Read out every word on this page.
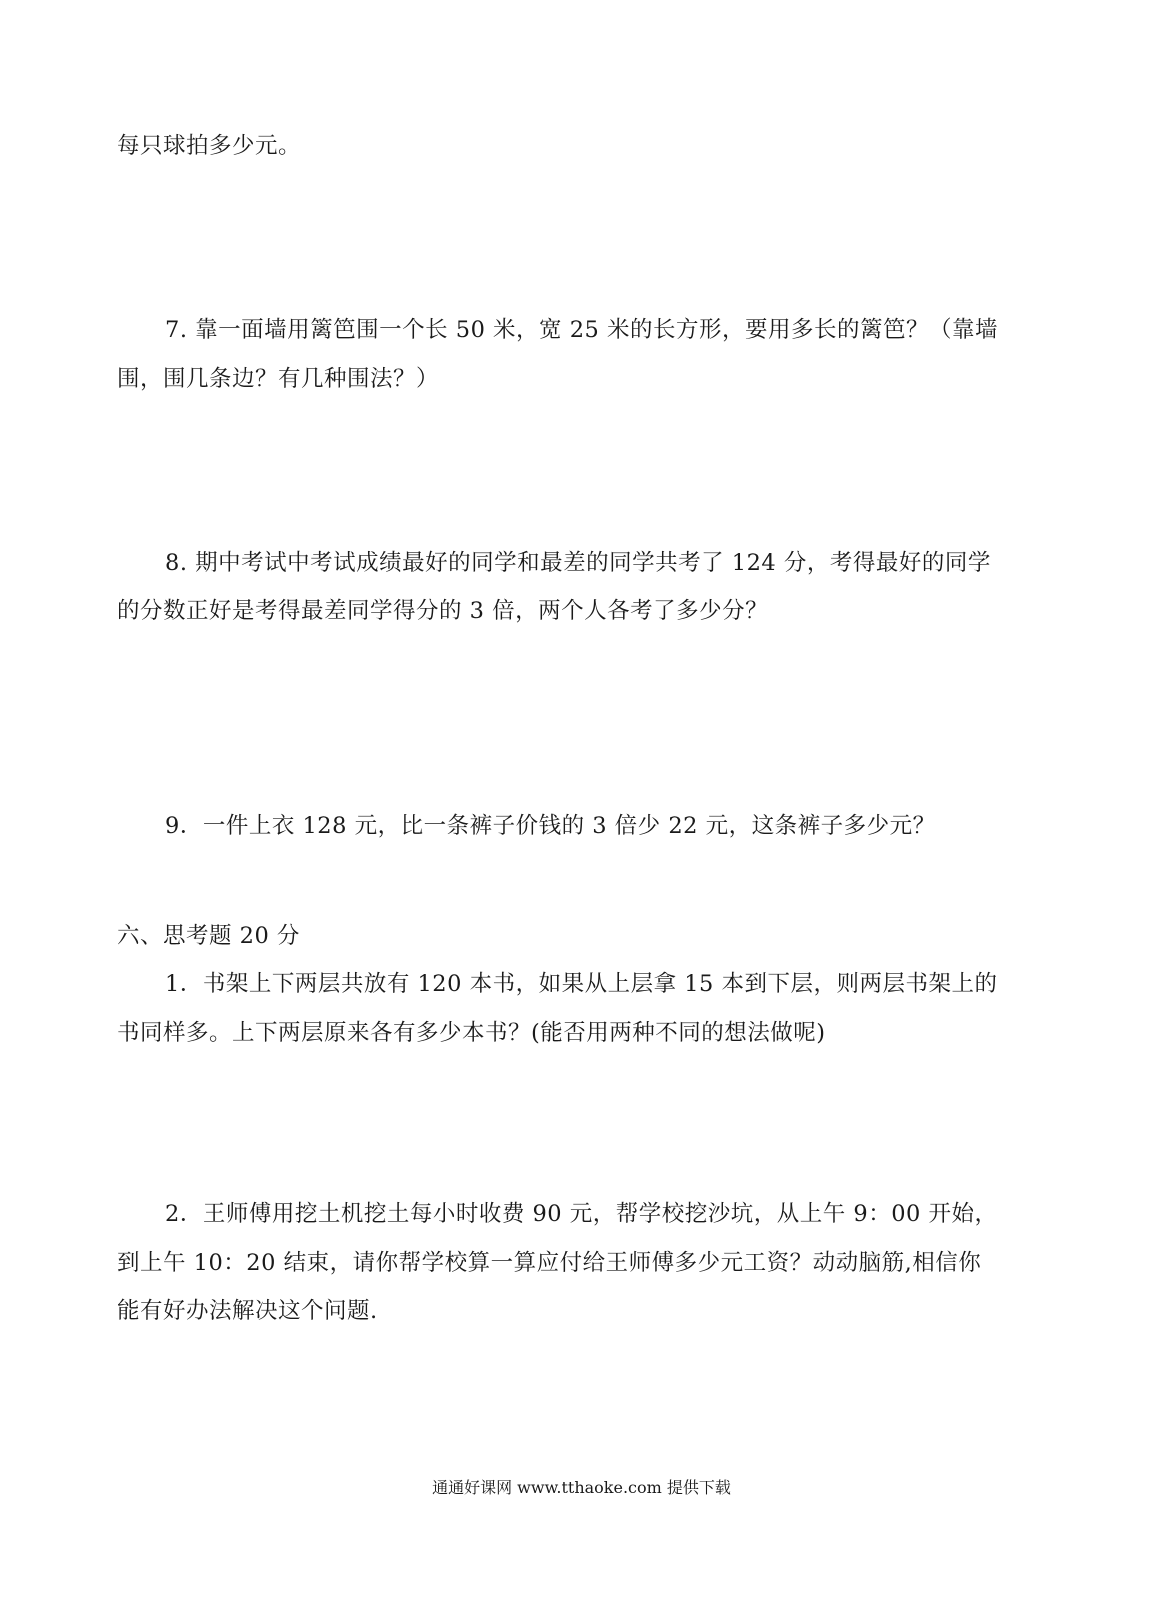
每只球拍多少元。
7. 靠一面墙用篱笆围一个长 50 米，宽 25 米的长方形，要用多长的篱笆？（靠墙
围，围几条边？有几种围法？）
8. 期中考试中考试成绩最好的同学和最差的同学共考了 124 分，考得最好的同学
的分数正好是考得最差同学得分的 3 倍，两个人各考了多少分？
9．一件上衣 128 元，比一条裤子价钱的 3 倍少 22 元，这条裤子多少元？
六、思考题 20 分
1．书架上下两层共放有 120 本书，如果从上层拿 15 本到下层，则两层书架上的
书同样多。上下两层原来各有多少本书？(能否用两种不同的想法做呢)
2．王师傅用挖土机挖土每小时收费 90 元，帮学校挖沙坑，从上午 9：00 开始，
到上午 10：20 结束，请你帮学校算一算应付给王师傅多少元工资？动动脑筋,相信你
能有好办法解决这个问题.
通通好课网 www.tthaoke.com 提供下载
